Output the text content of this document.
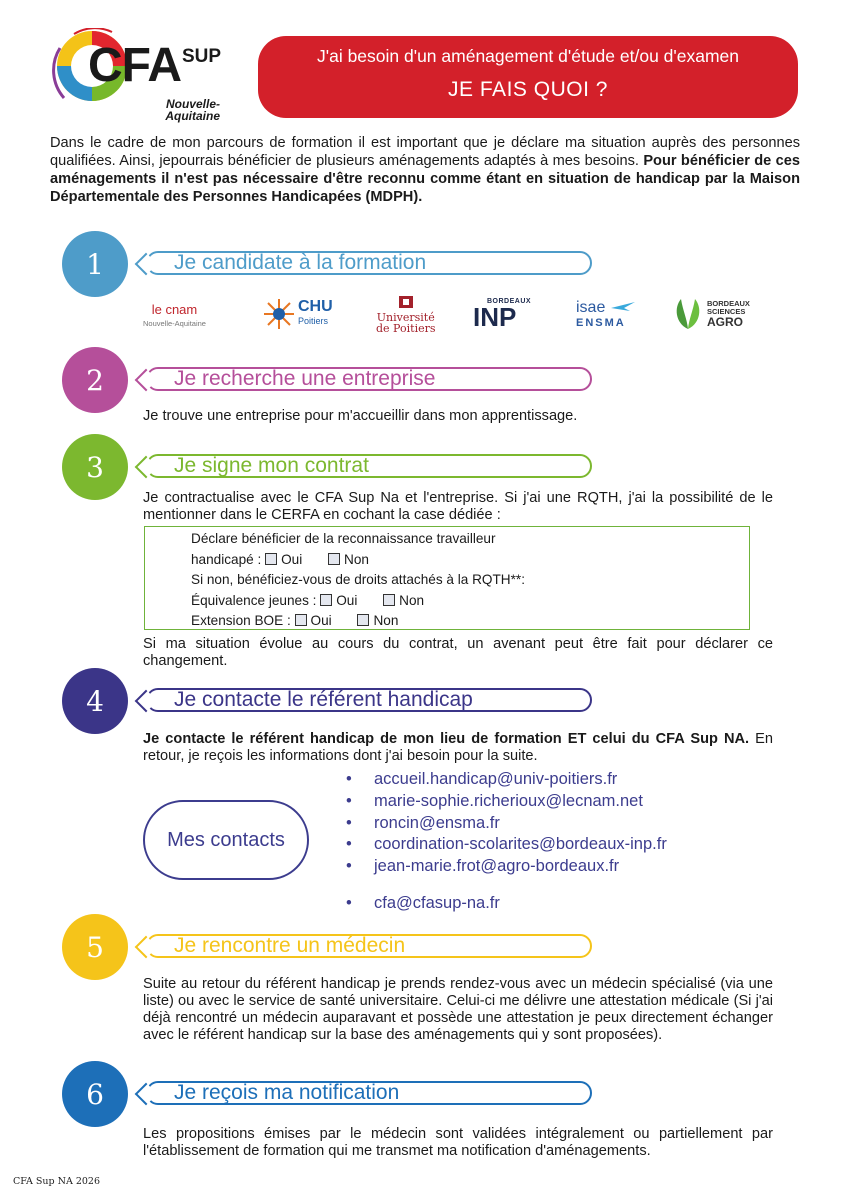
CFA SUP
Nouvelle-Aquitaine
J'ai besoin d'un aménagement d'étude et/ou d'examen
JE FAIS QUOI ?
Dans le cadre de mon parcours de formation il est important que je déclare ma situation auprès des personnes qualifiées. Ainsi, jepourrais bénéficier de plusieurs aménagements adaptés à mes besoins. Pour bénéficier de ces aménagements il n'est pas nécessaire d'être reconnu comme étant en situation de handicap par la Maison Départementale des Personnes Handicapées (MDPH).
1	Je candidate à la formation
le cnam
Nouvelle-Aquitaine
CHU
Poitiers	Université
de Poitiers
BORDEAUX
INP	isae
ENSMA
BORDEAUX
SCIENCES
AGRO
2	Je recherche une entreprise
Je trouve une entreprise pour m'accueillir dans mon apprentissage.
3	Je signe mon contrat
Je contractualise avec le CFA Sup Na et l'entreprise. Si j'ai une RQTH, j'ai la possibilité de le mentionner dans le CERFA en cochant la case dédiée :
Déclare bénéficier de la reconnaissance travailleur
handicapé : Oui	Non
Si non, bénéficiez-vous de droits attachés à la RQTH**:
Équivalence jeunes : Oui	Non
Extension BOE : Oui	Non
Si ma situation évolue au cours du contrat, un avenant peut être fait pour déclarer ce changement.
4	Je contacte le référent handicap
Je contacte le référent handicap de mon lieu de formation ET celui du CFA Sup NA. En retour, je reçois les informations dont j'ai besoin pour la suite.
Mes contacts
• accueil.handicap@univ-poitiers.fr
• marie-sophie.richerioux@lecnam.net
• roncin@ensma.fr
• coordination-scolarites@bordeaux-inp.fr
• jean-marie.frot@agro-bordeaux.fr
• cfa@cfasup-na.fr
5	Je rencontre un médecin
Suite au retour du référent handicap je prends rendez-vous avec un médecin spécialisé (via une liste) ou avec le service de santé universitaire. Celui-ci me délivre une attestation médicale (Si j'ai déjà rencontré un médecin auparavant et possède une attestation je peux directement échanger avec le référent handicap sur la base des aménagements qui y sont proposées).
6	Je reçois ma notification
Les propositions émises par le médecin sont validées intégralement ou partiellement par l'établissement de formation qui me transmet ma notification d'aménagements.
CFA Sup NA 2026
